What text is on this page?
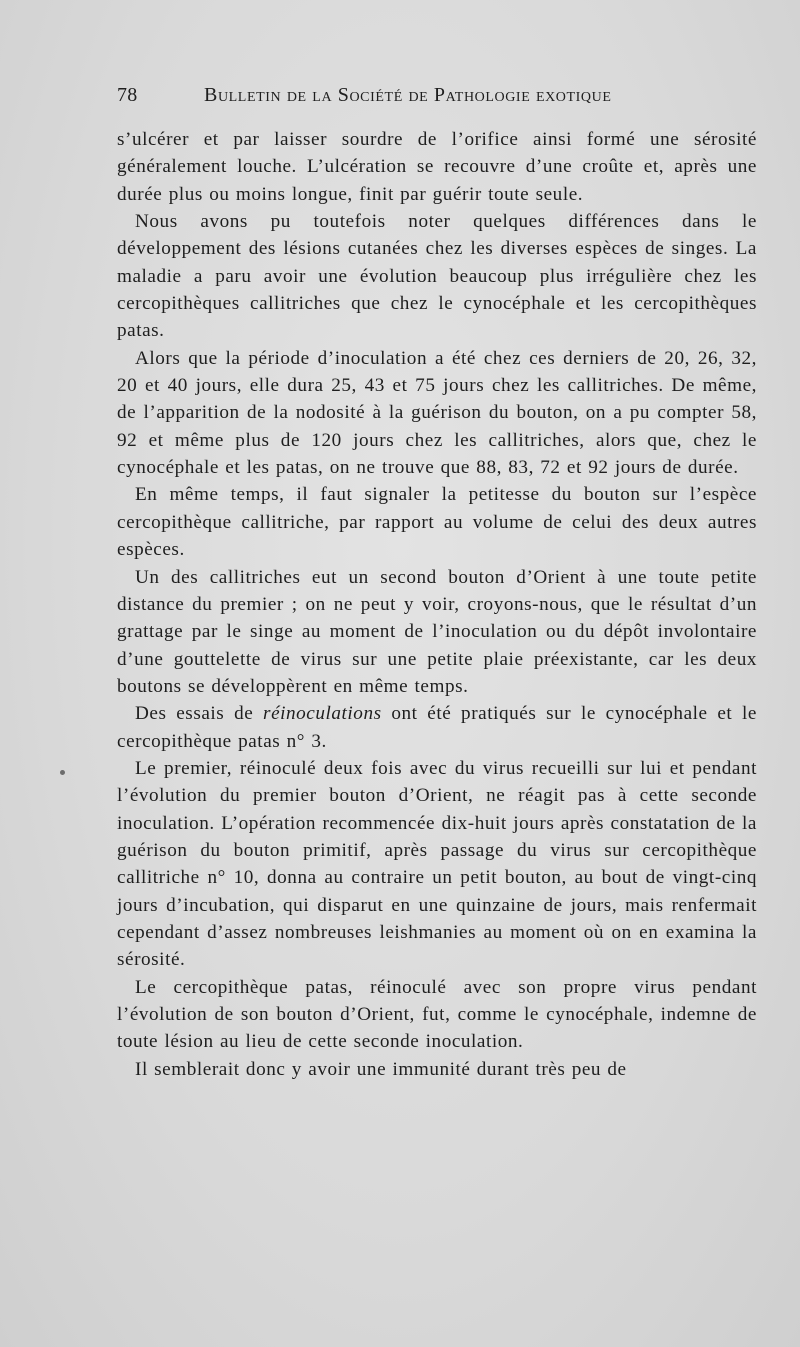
78	Bulletin de la Société de Pathologie exotique

s’ulcérer et par laisser sourdre de l’orifice ainsi formé une sérosité généralement louche. L’ulcération se recouvre d’une croûte et, après une durée plus ou moins longue, finit par guérir toute seule.

Nous avons pu toutefois noter quelques différences dans le développement des lésions cutanées chez les diverses espèces de singes. La maladie a paru avoir une évolution beaucoup plus irrégulière chez les cercopithèques callitriches que chez le cynocéphale et les cercopithèques patas.

Alors que la période d’inoculation a été chez ces derniers de 20, 26, 32, 20 et 40 jours, elle dura 25, 43 et 75 jours chez les callitriches. De même, de l’apparition de la nodosité à la guérison du bouton, on a pu compter 58, 92 et même plus de 120 jours chez les callitriches, alors que, chez le cynocéphale et les patas, on ne trouve que 88, 83, 72 et 92 jours de durée.

En même temps, il faut signaler la petitesse du bouton sur l’espèce cercopithèque callitriche, par rapport au volume de celui des deux autres espèces.

Un des callitriches eut un second bouton d’Orient à une toute petite distance du premier ; on ne peut y voir, croyons-nous, que le résultat d’un grattage par le singe au moment de l’inoculation ou du dépôt involontaire d’une gouttelette de virus sur une petite plaie préexistante, car les deux boutons se développèrent en même temps.

Des essais de réinoculations ont été pratiqués sur le cynocéphale et le cercopithèque patas n° 3.

Le premier, réinoculé deux fois avec du virus recueilli sur lui et pendant l’évolution du premier bouton d’Orient, ne réagit pas à cette seconde inoculation. L’opération recommencée dix-huit jours après constatation de la guérison du bouton primitif, après passage du virus sur cercopithèque callitriche n° 10, donna au contraire un petit bouton, au bout de vingt-cinq jours d’incubation, qui disparut en une quinzaine de jours, mais renfermait cependant d’assez nombreuses leishmanies au moment où on en examina la sérosité.

Le cercopithèque patas, réinoculé avec son propre virus pendant l’évolution de son bouton d’Orient, fut, comme le cynocéphale, indemne de toute lésion au lieu de cette seconde inoculation.

Il semblerait donc y avoir une immunité durant très peu de
